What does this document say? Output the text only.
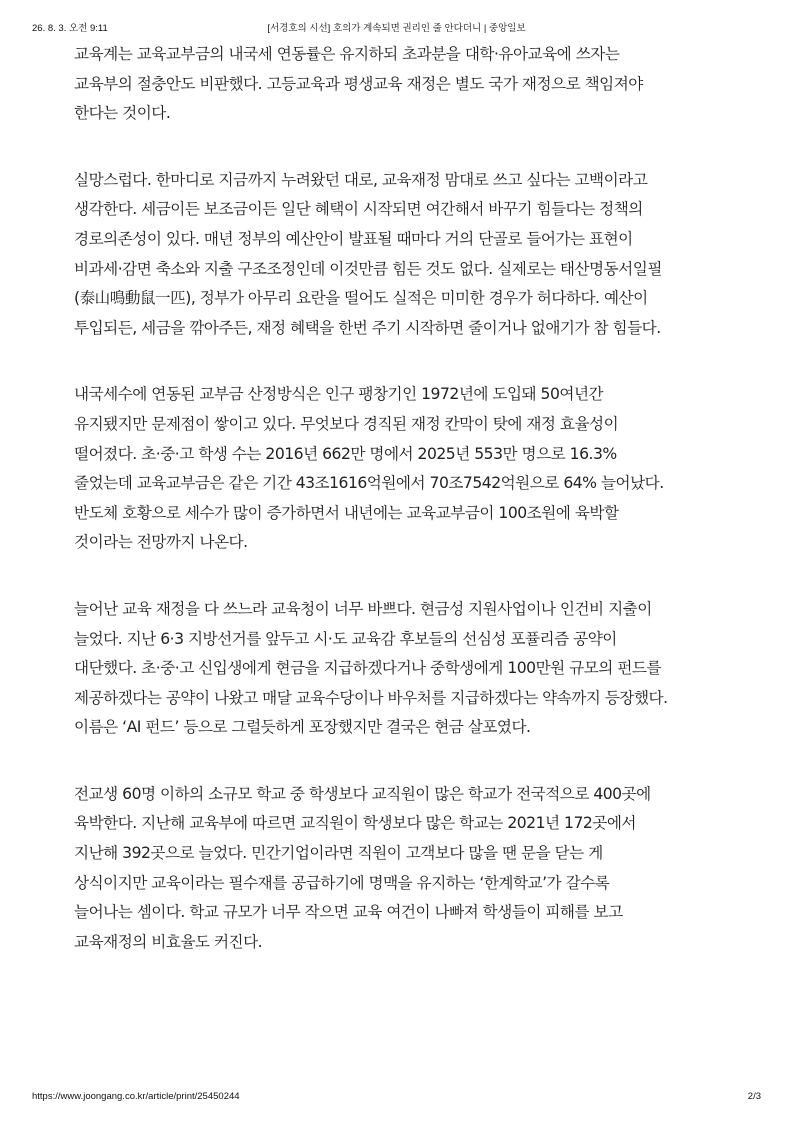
26. 8. 3. 오전 9:11	[서경호의 시선] 호의가 계속되면 권리인 줄 안다더니 | 중앙일보

교육계는 교육교부금의 내국세 연동률은 유지하되 초과분을 대학·유아교육에 쓰자는
교육부의 절충안도 비판했다. 고등교육과 평생교육 재정은 별도 국가 재정으로 책임져야
한다는 것이다.

실망스럽다. 한마디로 지금까지 누려왔던 대로, 교육재정 맘대로 쓰고 싶다는 고백이라고
생각한다. 세금이든 보조금이든 일단 혜택이 시작되면 여간해서 바꾸기 힘들다는 정책의
경로의존성이 있다. 매년 정부의 예산안이 발표될 때마다 거의 단골로 들어가는 표현이
비과세·감면 축소와 지출 구조조정인데 이것만큼 힘든 것도 없다. 실제로는 태산명동서일필
(泰山鳴動鼠一匹), 정부가 아무리 요란을 떨어도 실적은 미미한 경우가 허다하다. 예산이
투입되든, 세금을 깎아주든, 재정 혜택을 한번 주기 시작하면 줄이거나 없애기가 참 힘들다.

내국세수에 연동된 교부금 산정방식은 인구 팽창기인 1972년에 도입돼 50여년간
유지됐지만 문제점이 쌓이고 있다. 무엇보다 경직된 재정 칸막이 탓에 재정 효율성이
떨어졌다. 초·중·고 학생 수는 2016년 662만 명에서 2025년 553만 명으로 16.3%
줄었는데 교육교부금은 같은 기간 43조1616억원에서 70조7542억원으로 64% 늘어났다.
반도체 호황으로 세수가 많이 증가하면서 내년에는 교육교부금이 100조원에 육박할
것이라는 전망까지 나온다.

늘어난 교육 재정을 다 쓰느라 교육청이 너무 바쁘다. 현금성 지원사업이나 인건비 지출이
늘었다. 지난 6·3 지방선거를 앞두고 시·도 교육감 후보들의 선심성 포퓰리즘 공약이
대단했다. 초·중·고 신입생에게 현금을 지급하겠다거나 중학생에게 100만원 규모의 펀드를
제공하겠다는 공약이 나왔고 매달 교육수당이나 바우처를 지급하겠다는 약속까지 등장했다.
이름은 ‘AI 펀드’ 등으로 그럴듯하게 포장했지만 결국은 현금 살포였다.

전교생 60명 이하의 소규모 학교 중 학생보다 교직원이 많은 학교가 전국적으로 400곳에
육박한다. 지난해 교육부에 따르면 교직원이 학생보다 많은 학교는 2021년 172곳에서
지난해 392곳으로 늘었다. 민간기업이라면 직원이 고객보다 많을 땐 문을 닫는 게
상식이지만 교육이라는 필수재를 공급하기에 명맥을 유지하는 ‘한계학교’가 갈수록
늘어나는 셈이다. 학교 규모가 너무 작으면 교육 여건이 나빠져 학생들이 피해를 보고
교육재정의 비효율도 커진다.

https://www.joongang.co.kr/article/print/25450244	2/3
